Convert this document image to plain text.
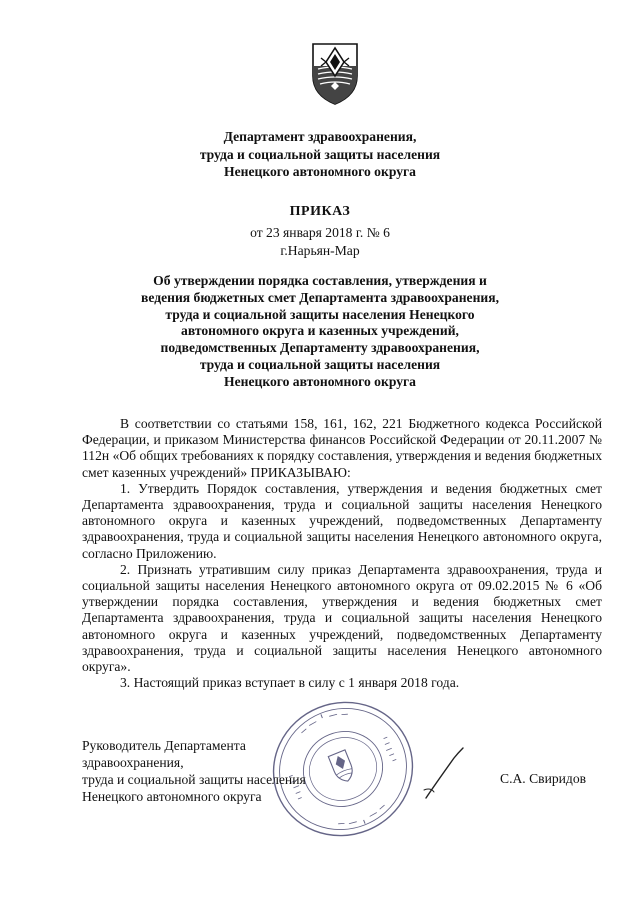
Департамент здравоохранения,
труда и социальной защиты населения
Ненецкого автономного округа
ПРИКАЗ
от 23 января 2018 г. № 6
г.Нарьян-Мар
Об утверждении порядка составления, утверждения и
ведения бюджетных смет Департамента здравоохранения,
труда и социальной защиты населения Ненецкого
автономного округа и казенных учреждений,
подведомственных Департаменту здравоохранения,
труда и социальной защиты населения
Ненецкого автономного округа

В соответствии со статьями 158, 161, 162, 221 Бюджетного кодекса Российской Федерации, и приказом Министерства финансов Российской Федерации от 20.11.2007 № 112н «Об общих требованиях к порядку составления, утверждения и ведения бюджетных смет казенных учреждений» ПРИКАЗЫВАЮ:

1. Утвердить Порядок составления, утверждения и ведения бюджетных смет Департамента здравоохранения, труда и социальной защиты населения Ненецкого автономного округа и казенных учреждений, подведомственных Департаменту здравоохранения, труда и социальной защиты населения Ненецкого автономного округа, согласно Приложению.

2. Признать утратившим силу приказ Департамента здравоохранения, труда и социальной защиты населения Ненецкого автономного округа от 09.02.2015 № 6 «Об утверждении порядка составления, утверждения и ведения бюджетных смет Департамента здравоохранения, труда и социальной защиты населения Ненецкого автономного округа и казенных учреждений, подведомственных Департаменту здравоохранения, труда и социальной защиты населения Ненецкого автономного округа».

3. Настоящий приказ вступает в силу с 1 января 2018 года.

Руководитель Департамента здравоохранения,
труда и социальной защиты населения
Ненецкого автономного округа
С.А. Свиридов
